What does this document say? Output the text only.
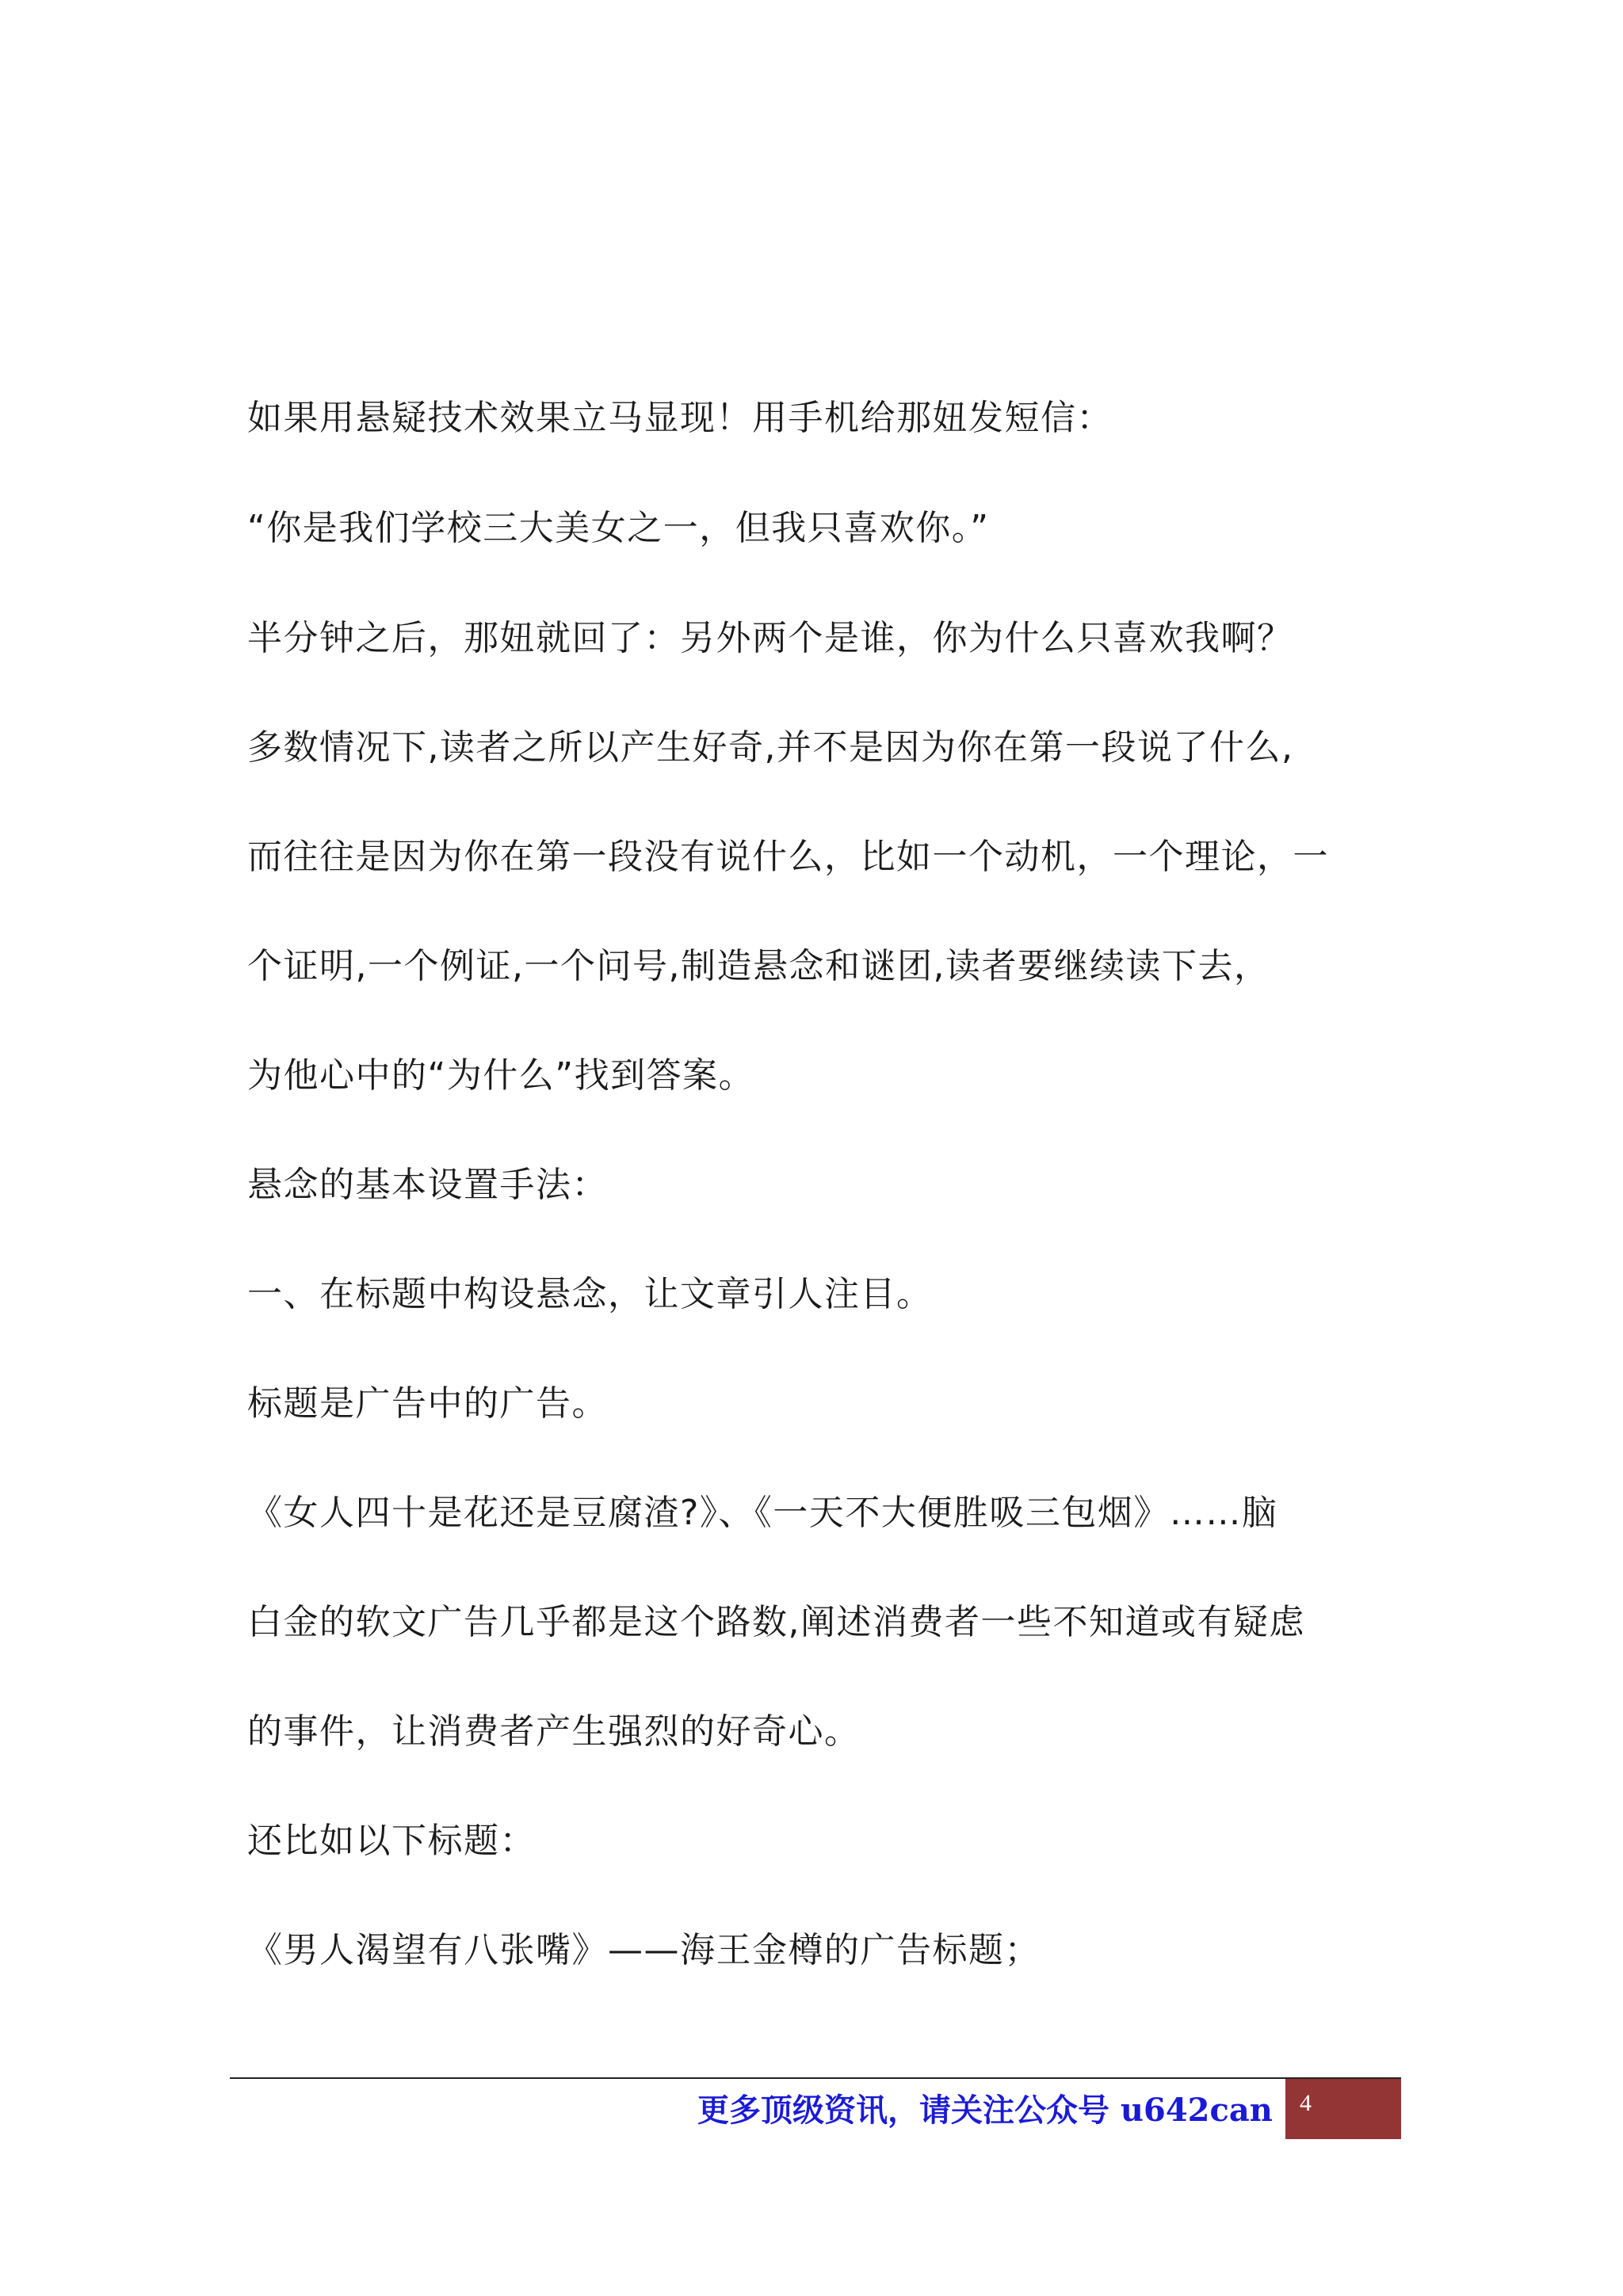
如果用悬疑技术效果立马显现！用手机给那妞发短信：
“你是我们学校三大美女之一，但我只喜欢你。”
半分钟之后，那妞就回了：另外两个是谁，你为什么只喜欢我啊？
多数情况下,读者之所以产生好奇,并不是因为你在第一段说了什么,
而往往是因为你在第一段没有说什么，比如一个动机，一个理论，一
个证明,一个例证,一个问号,制造悬念和谜团,读者要继续读下去，
为他心中的“为什么”找到答案。
悬念的基本设置手法：
一、在标题中构设悬念，让文章引人注目。
标题是广告中的广告。
《女人四十是花还是豆腐渣?》、《一天不大便胜吸三包烟》……脑
白金的软文广告几乎都是这个路数,阐述消费者一些不知道或有疑虑
的事件，让消费者产生强烈的好奇心。
还比如以下标题：
《男人渴望有八张嘴》——海王金樽的广告标题；
更多顶级资讯，请关注公众号 u642can 4
